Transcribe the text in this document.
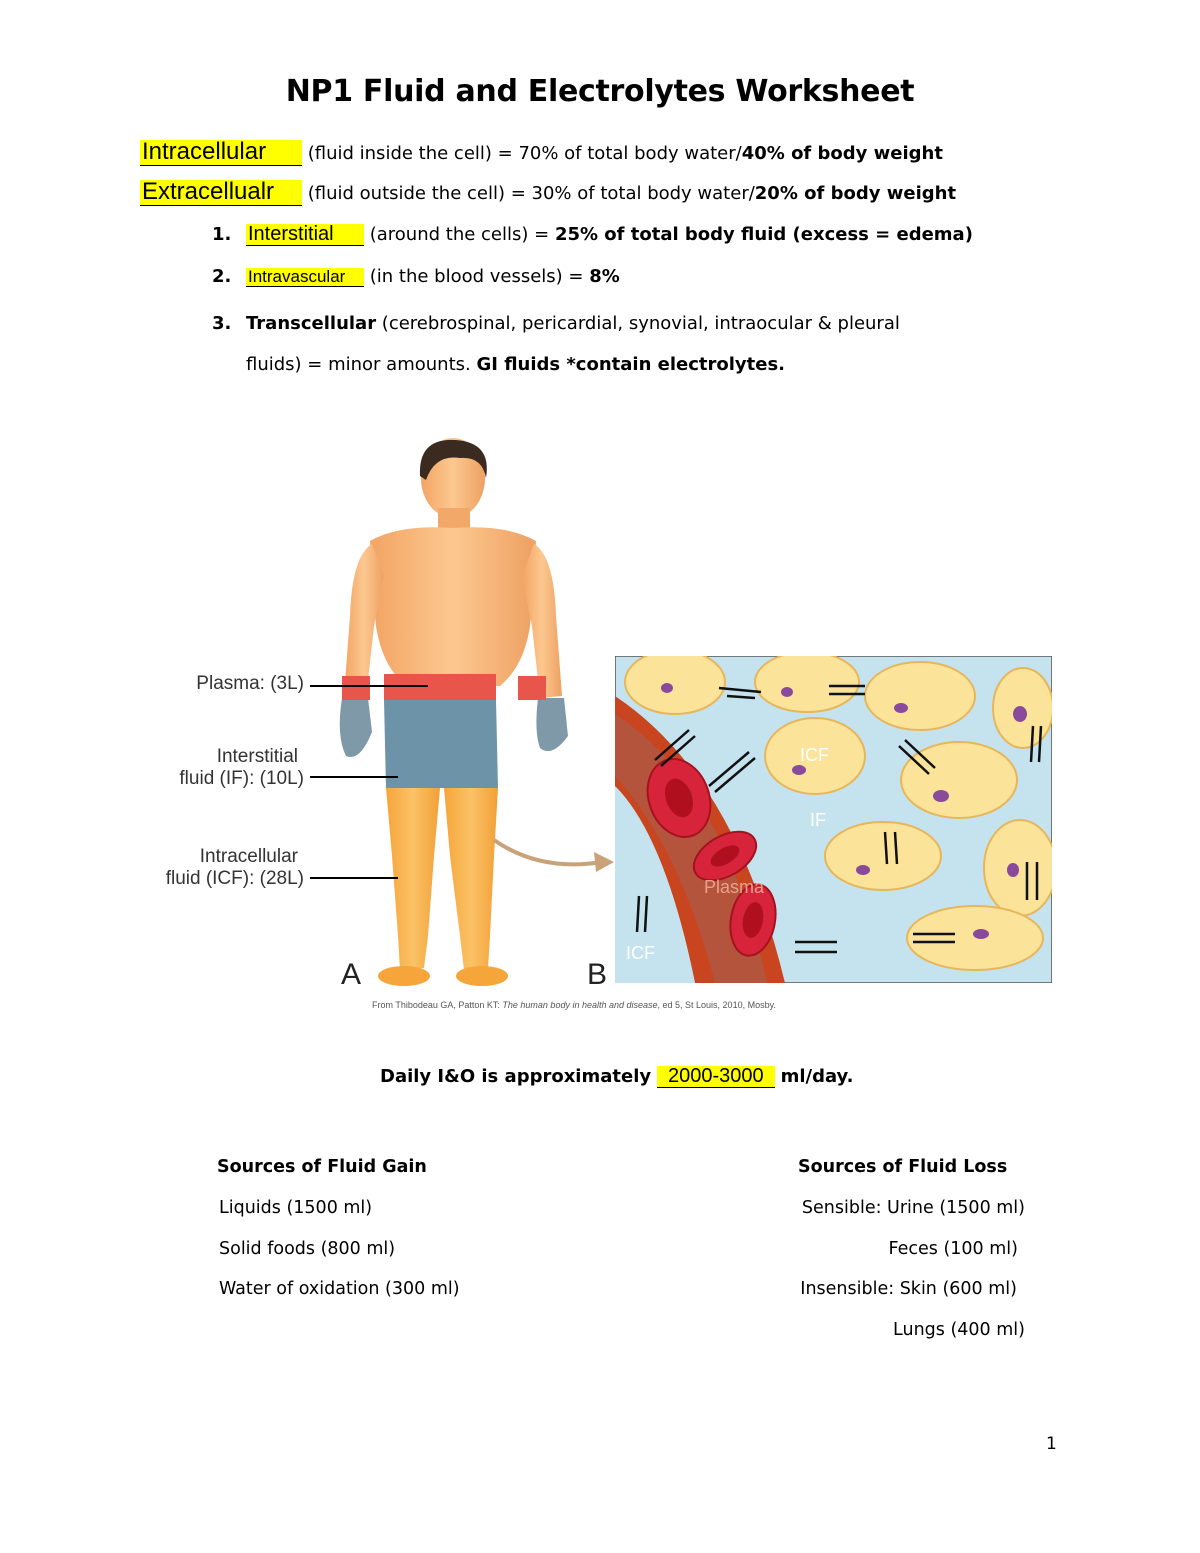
NP1 Fluid and Electrolytes Worksheet
Intracellular (fluid inside the cell) = 70% of total body water/40% of body weight
Extracellualr (fluid outside the cell) = 30% of total body water/20% of body weight
1. Interstitial (around the cells) = 25% of total body fluid (excess = edema)
2. Intravascular (in the blood vessels) = 8%
3. Transcellular (cerebrospinal, pericardial, synovial, intraocular & pleural
fluids) = minor amounts. GI fluids *contain electrolytes.
Plasma: (3L)
Interstitial
fluid (IF): (10L)
Intracellular
fluid (ICF): (28L)
A	B
ICF
IF
Plasma
ICF
From Thibodeau GA, Patton KT: The human body in health and disease, ed 5, St Louis, 2010, Mosby.
Daily I&O is approximately 2000-3000 ml/day.
Sources of Fluid Gain	Sources of Fluid Loss
Liquids (1500 ml)
Solid foods (800 ml)
Water of oxidation (300 ml)
Sensible: Urine (1500 ml)
Feces (100 ml)
Insensible: Skin (600 ml)
Lungs (400 ml)
1
